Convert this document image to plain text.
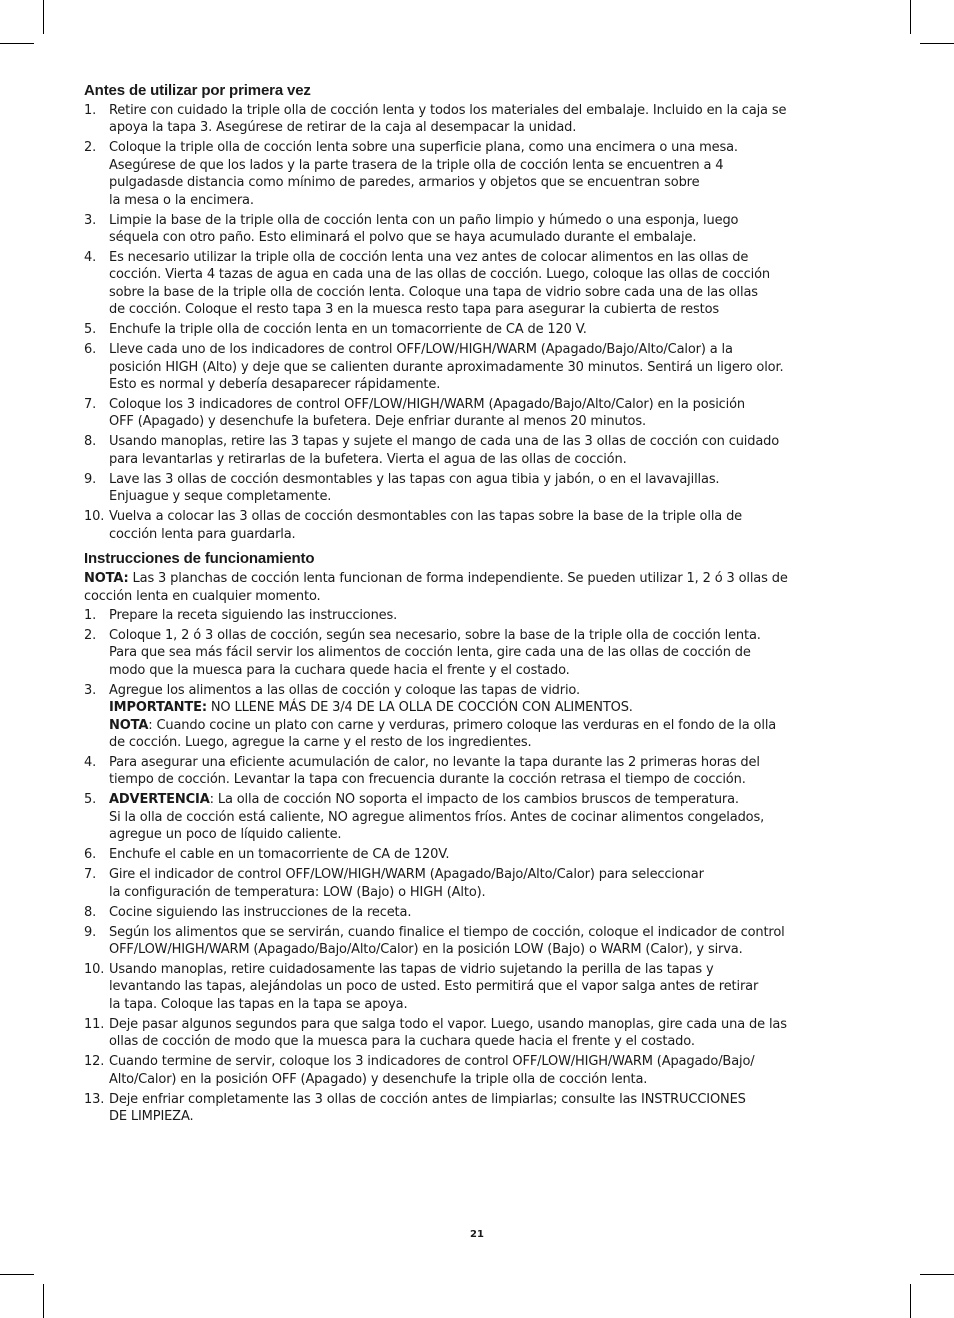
Antes de utilizar por primera vez
1. Retire con cuidado la triple olla de cocción lenta y todos los materiales del embalaje. Incluido en la caja se
apoya la tapa 3. Asegúrese de retirar de la caja al desempacar la unidad.
2. Coloque la triple olla de cocción lenta sobre una superficie plana, como una encimera o una mesa.
Asegúrese de que los lados y la parte trasera de la triple olla de cocción lenta se encuentren a 4
pulgadasde distancia como mínimo de paredes, armarios y objetos que se encuentran sobre
la mesa o la encimera.
3. Limpie la base de la triple olla de cocción lenta con un paño limpio y húmedo o una esponja, luego
séquela con otro paño. Esto eliminará el polvo que se haya acumulado durante el embalaje.
4. Es necesario utilizar la triple olla de cocción lenta una vez antes de colocar alimentos en las ollas de
cocción. Vierta 4 tazas de agua en cada una de las ollas de cocción. Luego, coloque las ollas de cocción
sobre la base de la triple olla de cocción lenta. Coloque una tapa de vidrio sobre cada una de las ollas
de cocción. Coloque el resto tapa 3 en la muesca resto tapa para asegurar la cubierta de restos
5. Enchufe la triple olla de cocción lenta en un tomacorriente de CA de 120 V.
6. Lleve cada uno de los indicadores de control OFF/LOW/HIGH/WARM (Apagado/Bajo/Alto/Calor) a la
posición HIGH (Alto) y deje que se calienten durante aproximadamente 30 minutos. Sentirá un ligero olor.
Esto es normal y debería desaparecer rápidamente.
7. Coloque los 3 indicadores de control OFF/LOW/HIGH/WARM (Apagado/Bajo/Alto/Calor) en la posición
OFF (Apagado) y desenchufe la bufetera. Deje enfriar durante al menos 20 minutos.
8. Usando manoplas, retire las 3 tapas y sujete el mango de cada una de las 3 ollas de cocción con cuidado
para levantarlas y retirarlas de la bufetera. Vierta el agua de las ollas de cocción.
9. Lave las 3 ollas de cocción desmontables y las tapas con agua tibia y jabón, o en el lavavajillas.
Enjuague y seque completamente.
10. Vuelva a colocar las 3 ollas de cocción desmontables con las tapas sobre la base de la triple olla de
cocción lenta para guardarla.
Instrucciones de funcionamiento
NOTA: Las 3 planchas de cocción lenta funcionan de forma independiente. Se pueden utilizar 1, 2 ó 3 ollas de
cocción lenta en cualquier momento.
1. Prepare la receta siguiendo las instrucciones.
2. Coloque 1, 2 ó 3 ollas de cocción, según sea necesario, sobre la base de la triple olla de cocción lenta.
Para que sea más fácil servir los alimentos de cocción lenta, gire cada una de las ollas de cocción de
modo que la muesca para la cuchara quede hacia el frente y el costado.
3. Agregue los alimentos a las ollas de cocción y coloque las tapas de vidrio.
IMPORTANTE: NO LLENE MÁS DE 3/4 DE LA OLLA DE COCCIÓN CON ALIMENTOS.
NOTA: Cuando cocine un plato con carne y verduras, primero coloque las verduras en el fondo de la olla
de cocción. Luego, agregue la carne y el resto de los ingredientes.
4. Para asegurar una eficiente acumulación de calor, no levante la tapa durante las 2 primeras horas del
tiempo de cocción. Levantar la tapa con frecuencia durante la cocción retrasa el tiempo de cocción.
5. ADVERTENCIA: La olla de cocción NO soporta el impacto de los cambios bruscos de temperatura.
Si la olla de cocción está caliente, NO agregue alimentos fríos. Antes de cocinar alimentos congelados,
agregue un poco de líquido caliente.
6. Enchufe el cable en un tomacorriente de CA de 120V.
7. Gire el indicador de control OFF/LOW/HIGH/WARM (Apagado/Bajo/Alto/Calor) para seleccionar
la configuración de temperatura: LOW (Bajo) o HIGH (Alto).
8. Cocine siguiendo las instrucciones de la receta.
9. Según los alimentos que se servirán, cuando finalice el tiempo de cocción, coloque el indicador de control
OFF/LOW/HIGH/WARM (Apagado/Bajo/Alto/Calor) en la posición LOW (Bajo) o WARM (Calor), y sirva.
10. Usando manoplas, retire cuidadosamente las tapas de vidrio sujetando la perilla de las tapas y
levantando las tapas, alejándolas un poco de usted. Esto permitirá que el vapor salga antes de retirar
la tapa. Coloque las tapas en la tapa se apoya.
11. Deje pasar algunos segundos para que salga todo el vapor. Luego, usando manoplas, gire cada una de las
ollas de cocción de modo que la muesca para la cuchara quede hacia el frente y el costado.
12. Cuando termine de servir, coloque los 3 indicadores de control OFF/LOW/HIGH/WARM (Apagado/Bajo/
Alto/Calor) en la posición OFF (Apagado) y desenchufe la triple olla de cocción lenta.
13. Deje enfriar completamente las 3 ollas de cocción antes de limpiarlas; consulte las INSTRUCCIONES
DE LIMPIEZA.
21
